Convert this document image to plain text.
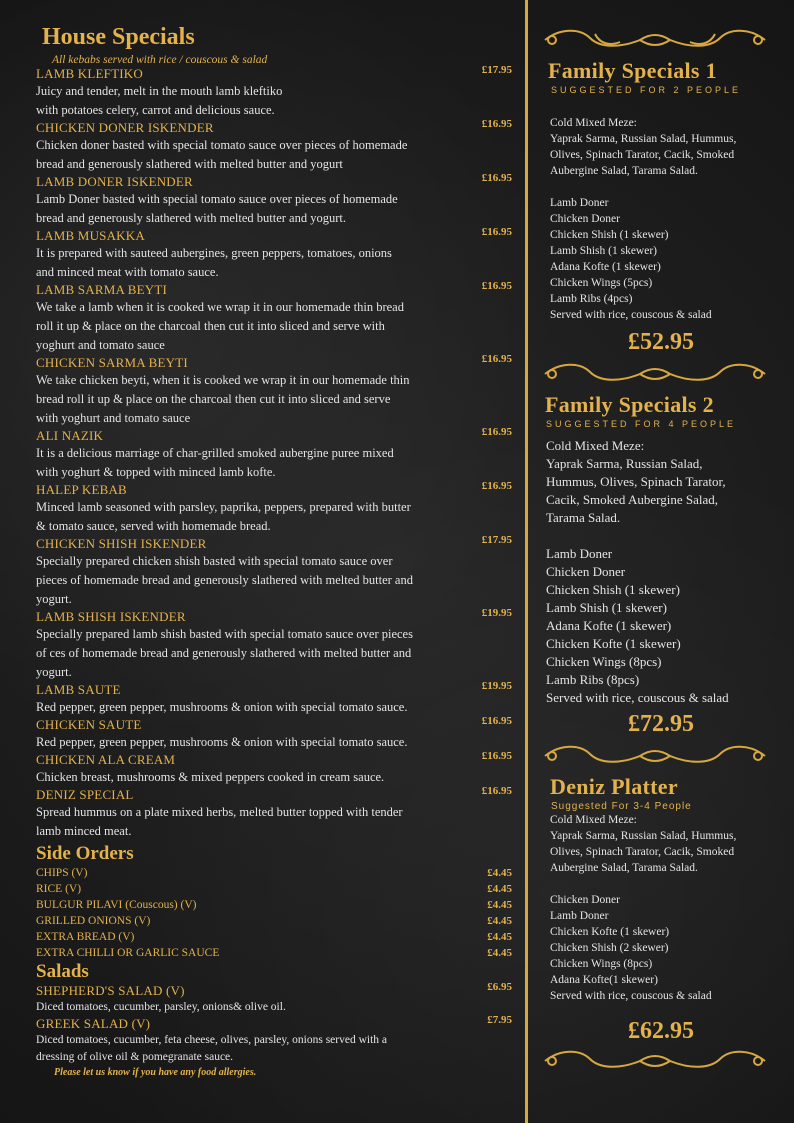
House Specials
All kebabs served with rice / couscous & salad
LAMB KLEFTIKO	£17.95
Juicy and tender, melt in the mouth lamb kleftiko
with potatoes celery, carrot and delicious sauce.
CHICKEN DONER ISKENDER	£16.95
Chicken doner basted with special tomato sauce over pieces of homemade
bread and generously slathered with melted butter and yogurt
LAMB DONER ISKENDER	£16.95
Lamb Doner basted with special tomato sauce over pieces of homemade
bread and generously slathered with melted butter and yogurt.
LAMB MUSAKKA	£16.95
It is prepared with sauteed aubergines, green peppers, tomatoes, onions
and minced meat with tomato sauce.
LAMB SARMA BEYTI	£16.95
We take a lamb when it is cooked we wrap it in our homemade thin bread
roll it up & place on the charcoal then cut it into sliced and serve with
yoghurt and tomato sauce
CHICKEN SARMA BEYTI	£16.95
We take chicken beyti, when it is cooked we wrap it in our homemade thin
bread roll it up & place on the charcoal then cut it into sliced and serve
with yoghurt and tomato sauce
ALI NAZIK	£16.95
It is a delicious marriage of char-grilled smoked aubergine puree mixed
with yoghurt & topped with minced lamb kofte.
HALEP KEBAB	£16.95
Minced lamb seasoned with parsley, paprika, peppers, prepared with butter
& tomato sauce, served with homemade bread.
CHICKEN SHISH ISKENDER	£17.95
Specially prepared chicken shish basted with special tomato sauce over
pieces of homemade bread and generously slathered with melted butter and
yogurt.
LAMB SHISH ISKENDER	£19.95
Specially prepared lamb shish basted with special tomato sauce over pieces
of ces of homemade bread and generously slathered with melted butter and
yogurt.
LAMB SAUTE	£19.95
Red pepper, green pepper, mushrooms & onion with special tomato sauce.
CHICKEN SAUTE	£16.95
Red pepper, green pepper, mushrooms & onion with special tomato sauce.
CHICKEN ALA CREAM	£16.95
Chicken breast, mushrooms & mixed peppers cooked in cream sauce.
DENIZ SPECIAL	£16.95
Spread hummus on a plate mixed herbs, melted butter topped with tender
lamb minced meat.
Side Orders
CHIPS (V)	£4.45
RICE (V)	£4.45
BULGUR PILAVI (Couscous) (V)	£4.45
GRILLED ONIONS (V)	£4.45
EXTRA BREAD (V)	£4.45
EXTRA CHILLI OR GARLIC SAUCE	£4.45
Salads
SHEPHERD'S SALAD (V)	£6.95
Diced tomatoes, cucumber, parsley, onions& olive oil.
GREEK SALAD (V)	£7.95
Diced tomatoes, cucumber, feta cheese, olives, parsley, onions served with a
dressing of olive oil & pomegranate sauce.
Please let us know if you have any food allergies.
Family Specials 1
SUGGESTED FOR 2 PEOPLE
Cold Mixed Meze:
Yaprak Sarma, Russian Salad, Hummus,
Olives, Spinach Tarator, Cacik, Smoked
Aubergine Salad, Tarama Salad.
Lamb Doner
Chicken Doner
Chicken Shish (1 skewer)
Lamb Shish (1 skewer)
Adana Kofte (1 skewer)
Chicken Wings (5pcs)
Lamb Ribs (4pcs)
Served with rice, couscous & salad
£52.95
Family Specials 2
SUGGESTED FOR 4 PEOPLE
Cold Mixed Meze:
Yaprak Sarma, Russian Salad,
Hummus, Olives, Spinach Tarator,
Cacik, Smoked Aubergine Salad,
Tarama Salad.
Lamb Doner
Chicken Doner
Chicken Shish (1 skewer)
Lamb Shish (1 skewer)
Adana Kofte (1 skewer)
Chicken Kofte (1 skewer)
Chicken Wings (8pcs)
Lamb Ribs (8pcs)
Served with rice, couscous & salad
£72.95
Deniz Platter
Suggested For 3-4 People
Cold Mixed Meze:
Yaprak Sarma, Russian Salad, Hummus,
Olives, Spinach Tarator, Cacik, Smoked
Aubergine Salad, Tarama Salad.
Chicken Doner
Lamb Doner
Chicken Kofte (1 skewer)
Chicken Shish (2 skewer)
Chicken Wings (8pcs)
Adana Kofte(1 skewer)
Served with rice, couscous & salad
£62.95
